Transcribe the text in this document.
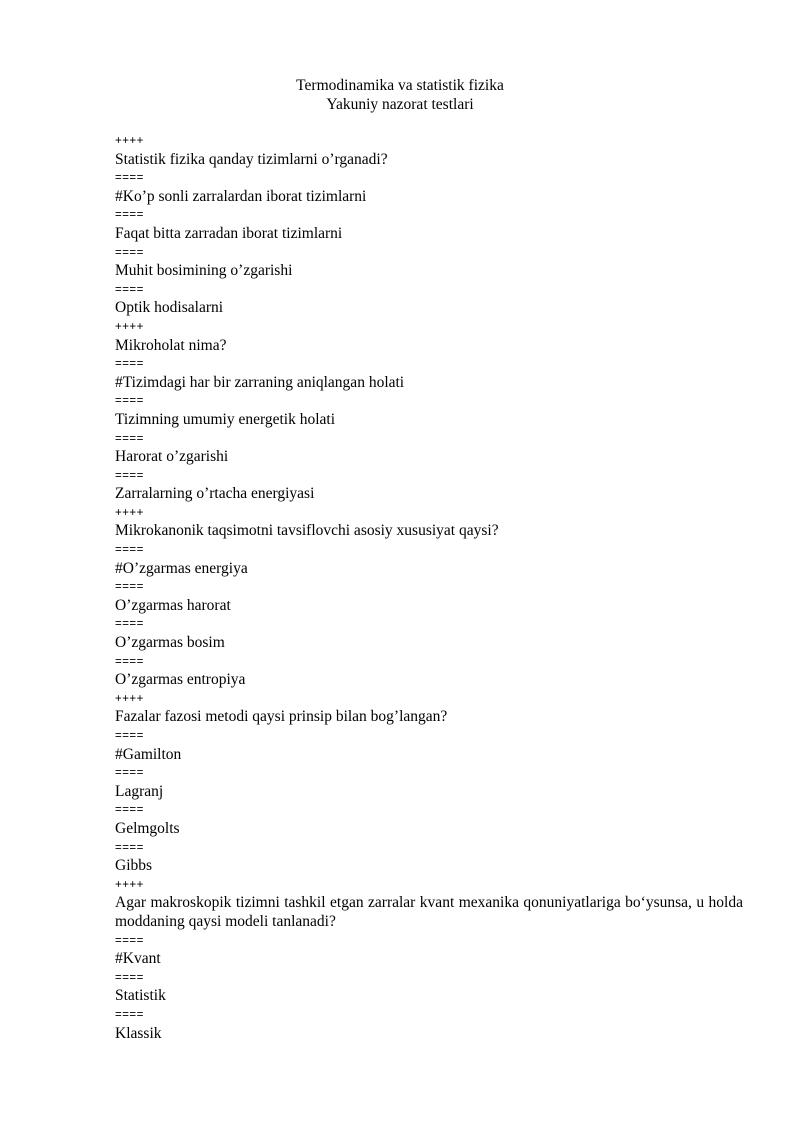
Termodinamika va statistik fizika
Yakuniy nazorat testlari
++++
Statistik fizika qanday tizimlarni o’rganadi?
====
#Ko’p sonli zarralardan iborat tizimlarni
====
Faqat bitta zarradan iborat tizimlarni
====
Muhit bosimining o’zgarishi
====
Optik hodisalarni
++++
Mikroholat nima?
====
#Tizimdagi har bir zarraning aniqlangan holati
====
Tizimning umumiy energetik holati
====
Harorat o’zgarishi
====
Zarralarning o’rtacha energiyasi
++++
Mikrokanonik taqsimotni tavsiflovchi asosiy xususiyat qaysi?
====
#O’zgarmas energiya
====
O’zgarmas harorat
====
O’zgarmas bosim
====
O’zgarmas entropiya
++++
Fazalar fazosi metodi qaysi prinsip bilan bog’langan?
====
#Gamilton
====
Lagranj
====
Gelmgolts
====
Gibbs
++++
Agar makroskopik tizimni tashkil etgan zarralar kvant mexanika qonuniyatlariga bo‘ysunsa, u holda moddaning qaysi modeli tanlanadi?
====
#Kvant
====
Statistik
====
Klassik
